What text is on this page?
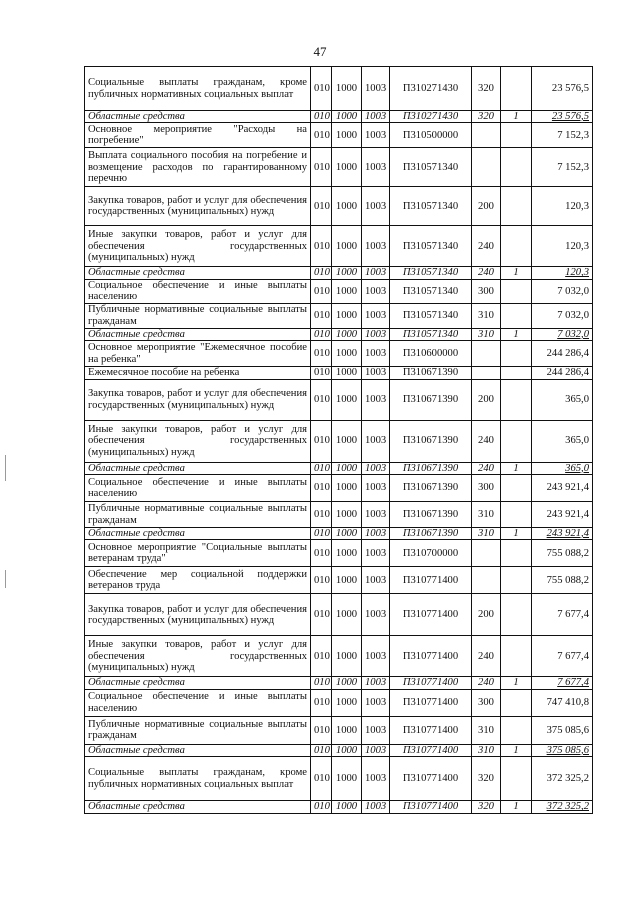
47
Социальные выплаты гражданам, кроме публичных нормативных социальных выплат	010	1000	1003	П310271430	320		23 576,5
Областные средства	010	1000	1003	П310271430	320	1	23 576,5
Основное мероприятие "Расходы на погребение"	010	1000	1003	П310500000			7 152,3
Выплата социального пособия на погребение и возмещение расходов по гарантированному перечню	010	1000	1003	П310571340			7 152,3
Закупка товаров, работ и услуг для обеспечения государственных (муниципальных) нужд	010	1000	1003	П310571340	200		120,3
Иные закупки товаров, работ и услуг для обеспечения государственных (муниципальных) нужд	010	1000	1003	П310571340	240		120,3
Областные средства	010	1000	1003	П310571340	240	1	120,3
Социальное обеспечение и иные выплаты населению	010	1000	1003	П310571340	300		7 032,0
Публичные нормативные социальные выплаты гражданам	010	1000	1003	П310571340	310		7 032,0
Областные средства	010	1000	1003	П310571340	310	1	7 032,0
Основное мероприятие "Ежемесячное пособие на ребенка"	010	1000	1003	П310600000			244 286,4
Ежемесячное пособие на ребенка	010	1000	1003	П310671390			244 286,4
Закупка товаров, работ и услуг для обеспечения государственных (муниципальных) нужд	010	1000	1003	П310671390	200		365,0
Иные закупки товаров, работ и услуг для обеспечения государственных (муниципальных) нужд	010	1000	1003	П310671390	240		365,0
Областные средства	010	1000	1003	П310671390	240	1	365,0
Социальное обеспечение и иные выплаты населению	010	1000	1003	П310671390	300		243 921,4
Публичные нормативные социальные выплаты гражданам	010	1000	1003	П310671390	310		243 921,4
Областные средства	010	1000	1003	П310671390	310	1	243 921,4
Основное мероприятие "Социальные выплаты ветеранам труда"	010	1000	1003	П310700000			755 088,2
Обеспечение мер социальной поддержки ветеранов труда	010	1000	1003	П310771400			755 088,2
Закупка товаров, работ и услуг для обеспечения государственных (муниципальных) нужд	010	1000	1003	П310771400	200		7 677,4
Иные закупки товаров, работ и услуг для обеспечения государственных (муниципальных) нужд	010	1000	1003	П310771400	240		7 677,4
Областные средства	010	1000	1003	П310771400	240	1	7 677,4
Социальное обеспечение и иные выплаты населению	010	1000	1003	П310771400	300		747 410,8
Публичные нормативные социальные выплаты гражданам	010	1000	1003	П310771400	310		375 085,6
Областные средства	010	1000	1003	П310771400	310	1	375 085,6
Социальные выплаты гражданам, кроме публичных нормативных социальных выплат	010	1000	1003	П310771400	320		372 325,2
Областные средства	010	1000	1003	П310771400	320	1	372 325,2
